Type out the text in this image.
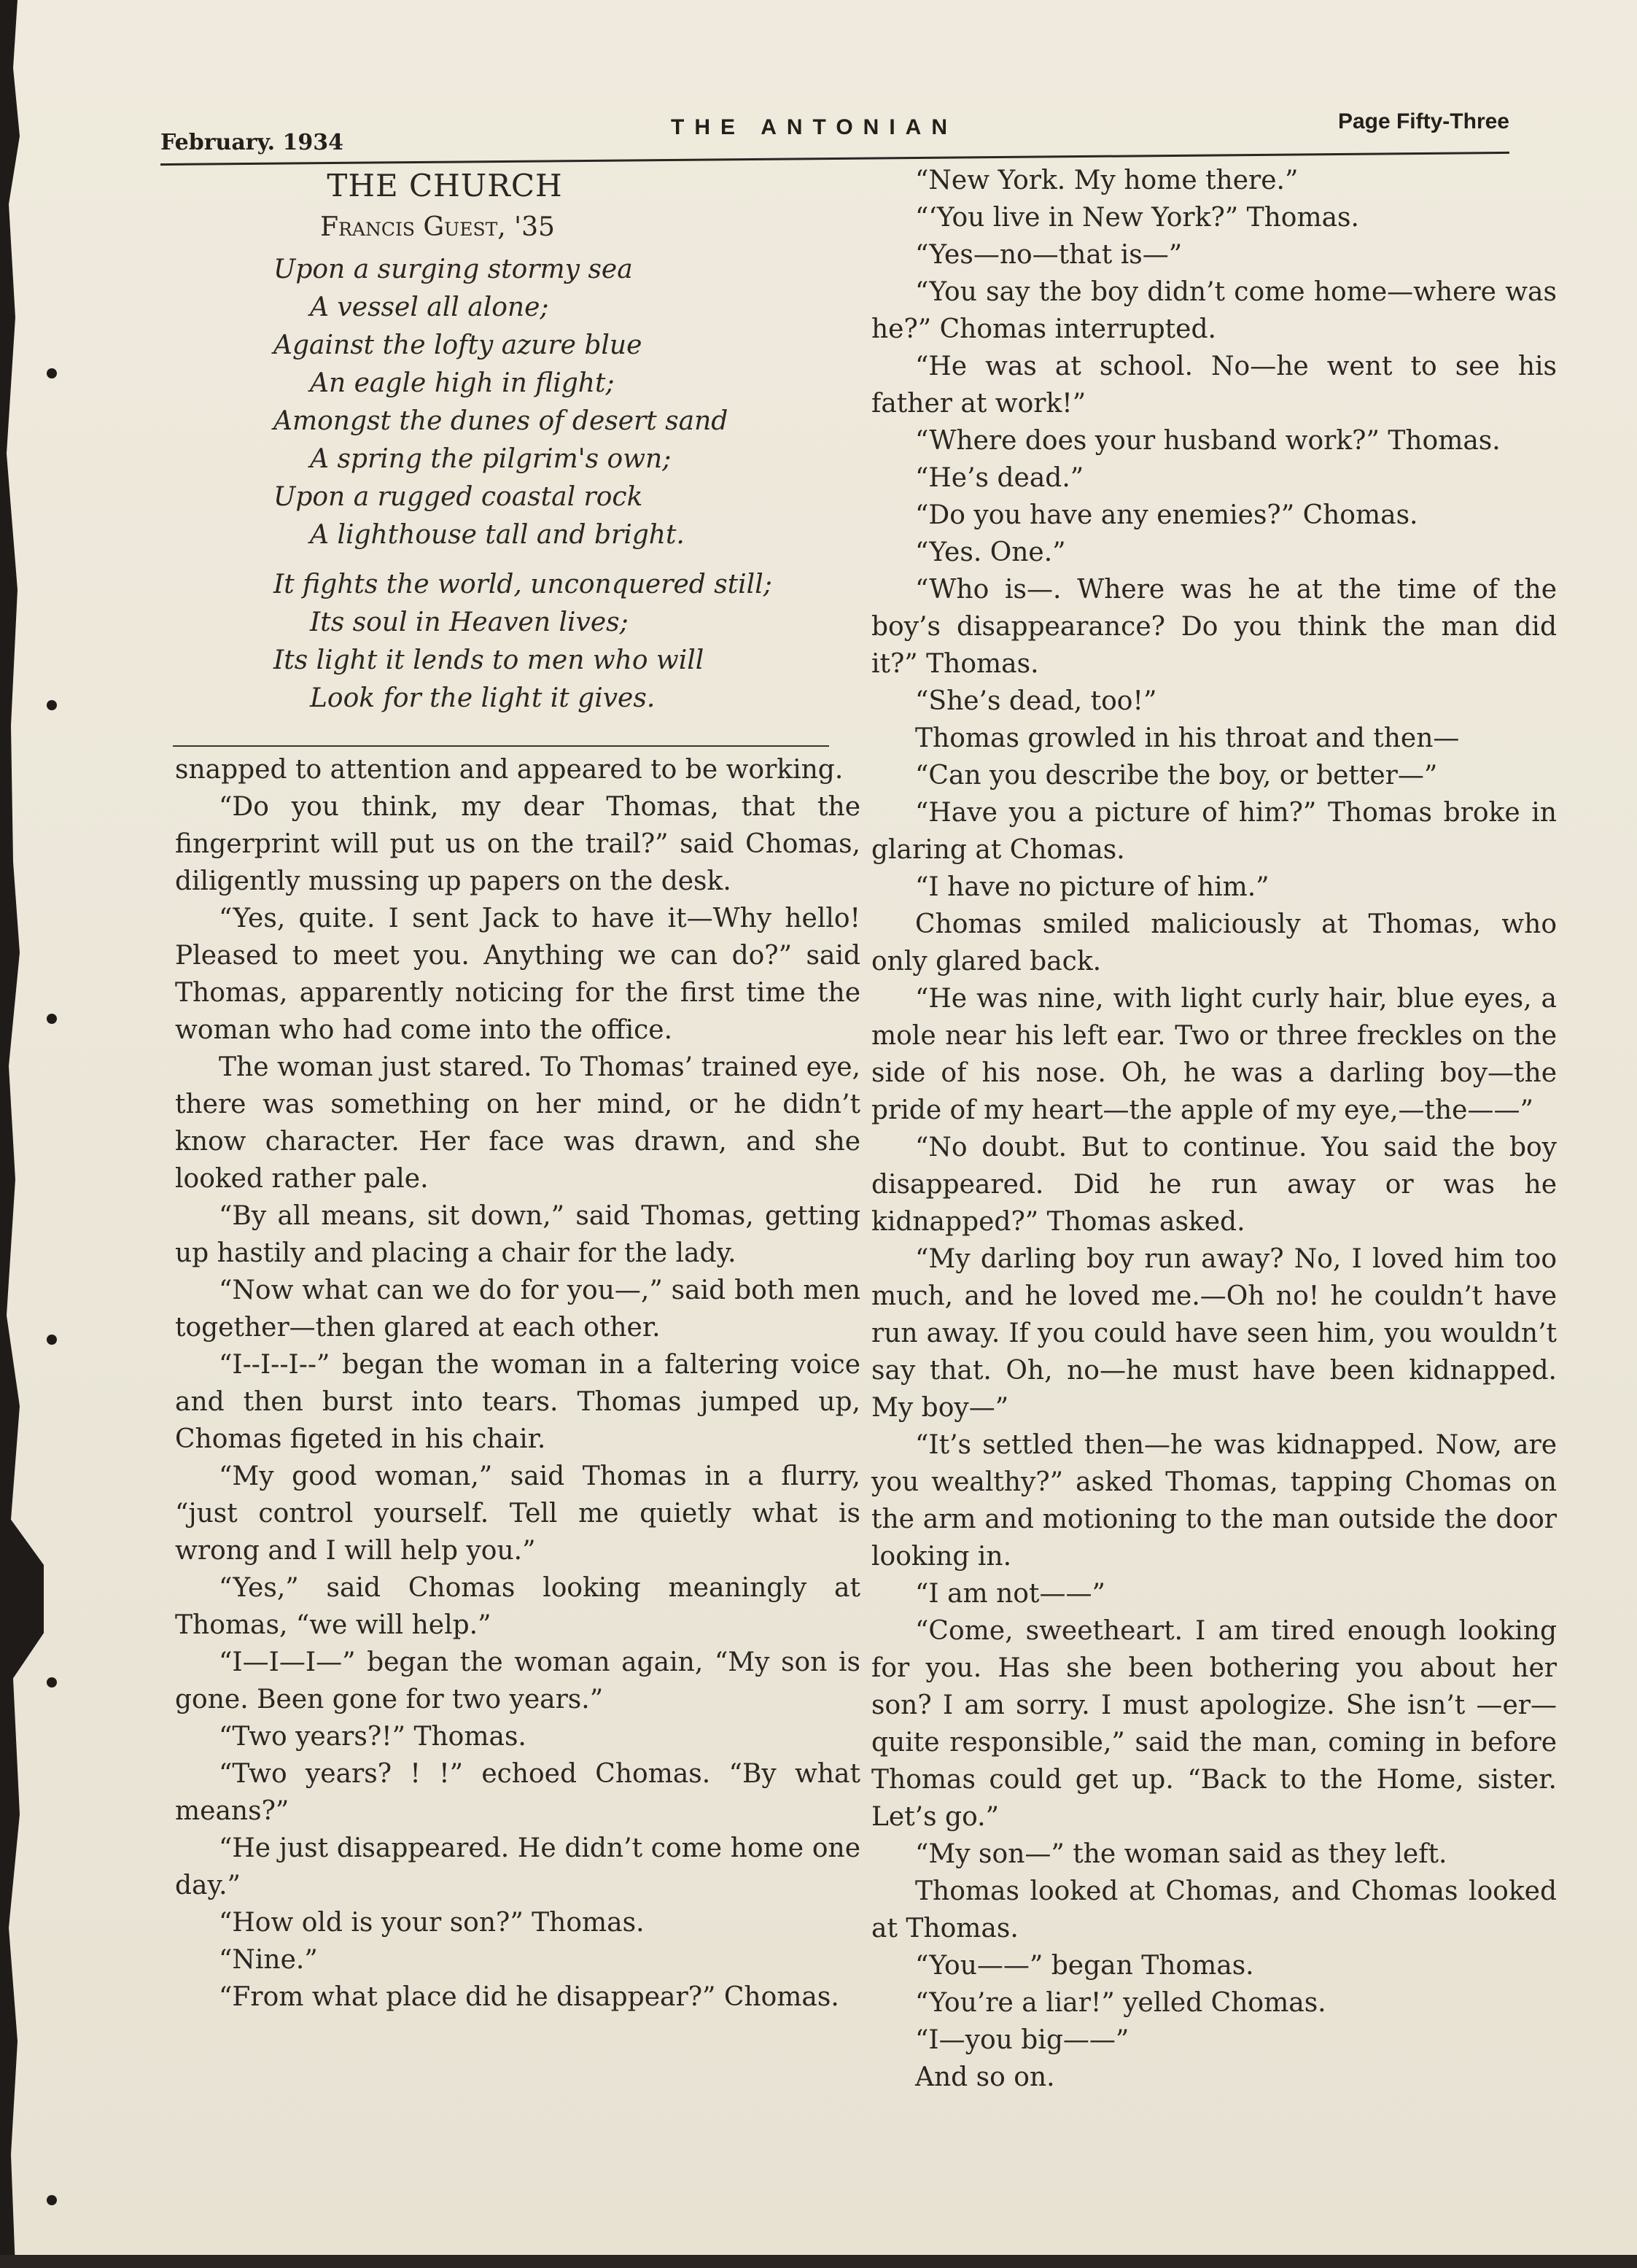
February. 1934
THE ANTONIAN	Page Fifty-Three
THE CHURCH
Francis Guest, '35
Upon a surging stormy sea
A vessel all alone;
Against the lofty azure blue
An eagle high in flight;
Amongst the dunes of desert sand
A spring the pilgrim's own;
Upon a rugged coastal rock
A lighthouse tall and bright.
It fights the world, unconquered still;
Its soul in Heaven lives;
Its light it lends to men who will
Look for the light it gives.

snapped to attention and appeared to be working.

“Do you think, my dear Thomas, that the fingerprint will put us on the trail?” said Chomas, diligently mussing up papers on the desk.

“Yes, quite. I sent Jack to have it—Why hello! Pleased to meet you. Anything we can do?” said Thomas, apparently noticing for the first time the woman who had come into the office.

The woman just stared. To Thomas’ trained eye, there was something on her mind, or he didn’t know character. Her face was drawn, and she looked rather pale.

“By all means, sit down,” said Thomas, getting up hastily and placing a chair for the lady.

“Now what can we do for you—,” said both men together—then glared at each other.

“I--I--I--” began the woman in a faltering voice and then burst into tears. Thomas jumped up, Chomas figeted in his chair.

“My good woman,” said Thomas in a flurry, “just control yourself. Tell me quietly what is wrong and I will help you.”

“Yes,” said Chomas looking meaningly at Thomas, “we will help.”

“I—I—I—” began the woman again, “My son is gone. Been gone for two years.”

“Two years?!” Thomas.

“Two years? ! !” echoed Chomas. “By what means?”

“He just disappeared. He didn’t come home one day.”

“How old is your son?” Thomas.

“Nine.”

“From what place did he disappear?” Chomas.

“New York. My home there.”

“‘You live in New York?” Thomas.

“Yes—no—that is—”

“You say the boy didn’t come home—where was he?” Chomas interrupted.

“He was at school. No—he went to see his father at work!”

“Where does your husband work?” Thomas.

“He’s dead.”

“Do you have any enemies?” Chomas.

“Yes. One.”

“Who is—. Where was he at the time of the boy’s disappearance? Do you think the man did it?” Thomas.

“She’s dead, too!”

Thomas growled in his throat and then—

“Can you describe the boy, or better—”

“Have you a picture of him?” Thomas broke in glaring at Chomas.

“I have no picture of him.”

Chomas smiled maliciously at Thomas, who only glared back.

“He was nine, with light curly hair, blue eyes, a mole near his left ear. Two or three freckles on the side of his nose. Oh, he was a darling boy—the pride of my heart—the apple of my eye,—the——”

“No doubt. But to continue. You said the boy disappeared. Did he run away or was he kidnapped?” Thomas asked.

“My darling boy run away? No, I loved him too much, and he loved me.—Oh no! he couldn’t have run away. If you could have seen him, you wouldn’t say that. Oh, no—he must have been kidnapped. My boy—”

“It’s settled then—he was kidnapped. Now, are you wealthy?” asked Thomas, tapping Chomas on the arm and motioning to the man outside the door looking in.

“I am not——”

“Come, sweetheart. I am tired enough looking for you. Has she been bothering you about her son? I am sorry. I must apologize. She isn’t —er—quite responsible,” said the man, coming in before Thomas could get up. “Back to the Home, sister. Let’s go.”

“My son—” the woman said as they left.

Thomas looked at Chomas, and Chomas looked at Thomas.

“You——” began Thomas.

“You’re a liar!” yelled Chomas.

“I—you big——”

And so on.
